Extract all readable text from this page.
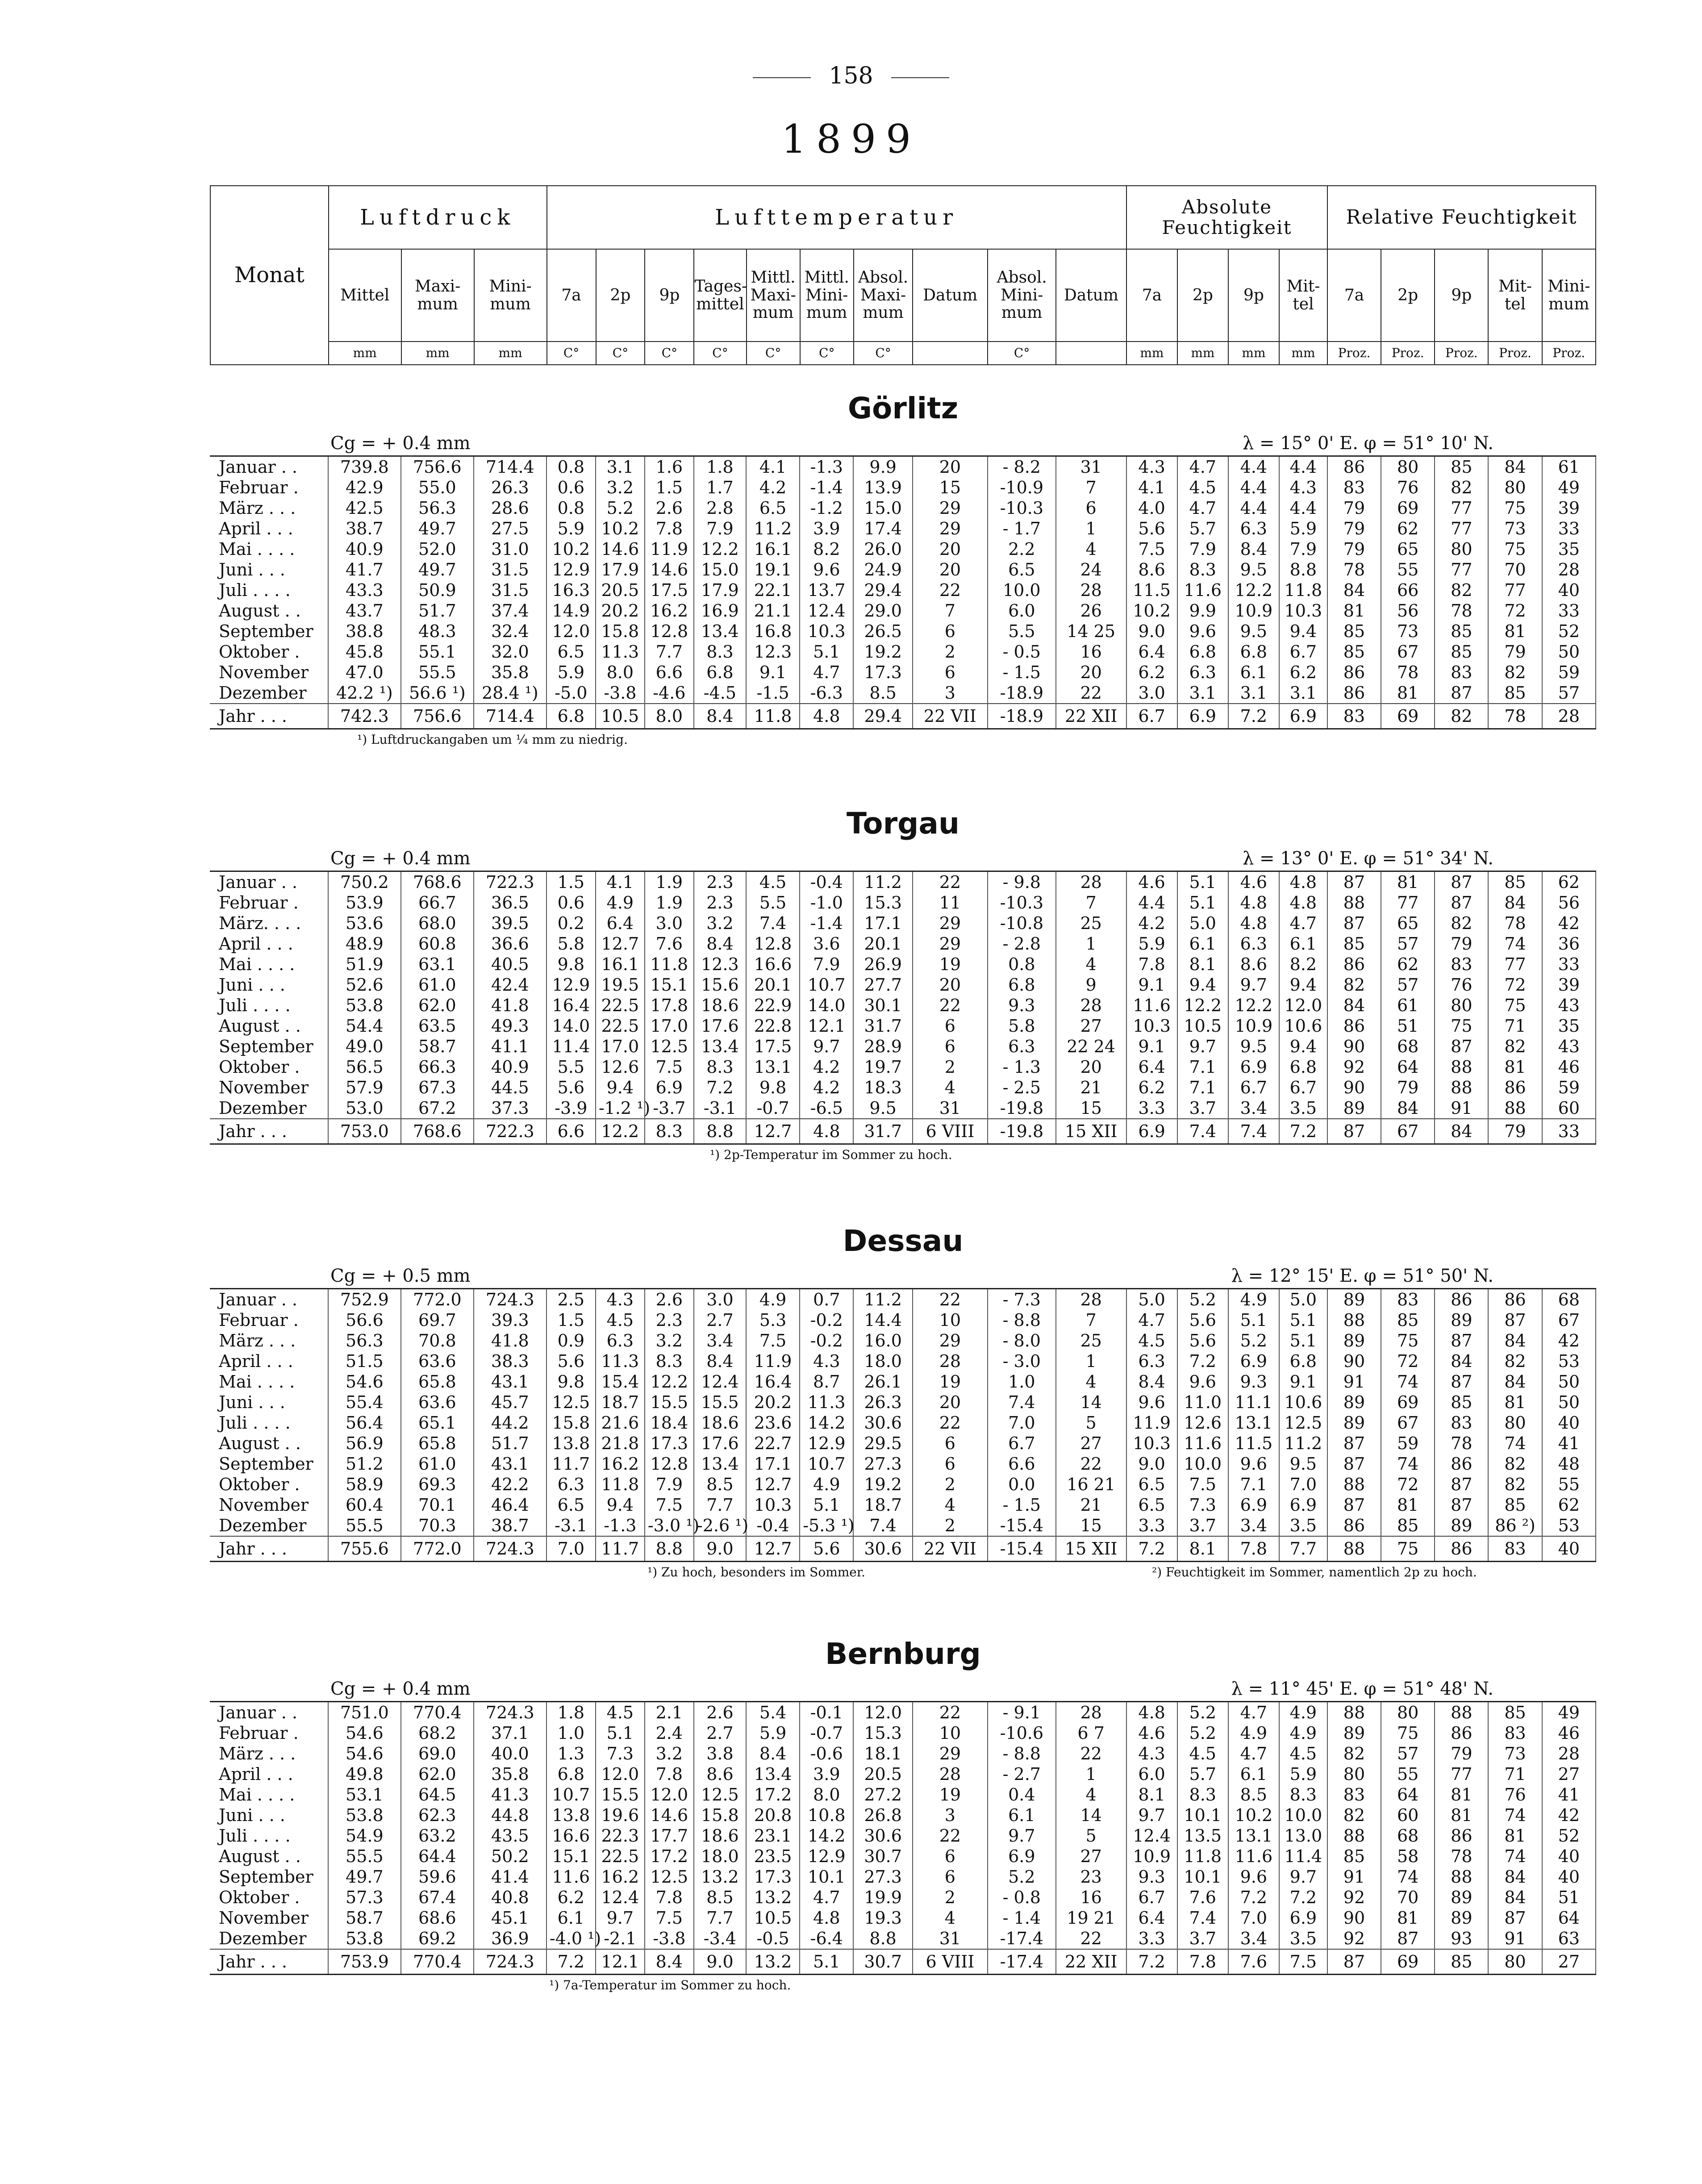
158
1899
Monat	Luftdruck			Lufttemperatur										Absolute Feuchtigkeit				Relative Feuchtigkeit				
	Mittel	Maxi-mum	Mini-mum	7a	2p	9p	Tages-mittel	Mittl. Maxi-mum	Mittl. Mini-mum	Absol. Maxi-mum	Datum	Absol. Mini-mum	Datum	7a	2p	9p	Mit-tel	7a	2p	9p	Mit-tel	Mini-mum
	mm	mm	mm	C°	C°	C°	C°	C°	C°	C°		C°		mm	mm	mm	mm	Proz.	Proz.	Proz.	Proz.	Proz.
Görlitz
Cg = + 0.4 mm	λ = 15° 0' E. φ = 51° 10' N.
Januar . .	739.8	756.6	714.4	0.8	3.1	1.6	1.8	4.1	-1.3	9.9	20	- 8.2	31	4.3	4.7	4.4	4.4	86	80	85	84	61
Februar .	42.9	55.0	26.3	0.6	3.2	1.5	1.7	4.2	-1.4	13.9	15	-10.9	7	4.1	4.5	4.4	4.3	83	76	82	80	49
März . . .	42.5	56.3	28.6	0.8	5.2	2.6	2.8	6.5	-1.2	15.0	29	-10.3	6	4.0	4.7	4.4	4.4	79	69	77	75	39
April . . .	38.7	49.7	27.5	5.9	10.2	7.8	7.9	11.2	3.9	17.4	29	- 1.7	1	5.6	5.7	6.3	5.9	79	62	77	73	33
Mai . . . .	40.9	52.0	31.0	10.2	14.6	11.9	12.2	16.1	8.2	26.0	20	2.2	4	7.5	7.9	8.4	7.9	79	65	80	75	35
Juni . . .	41.7	49.7	31.5	12.9	17.9	14.6	15.0	19.1	9.6	24.9	20	6.5	24	8.6	8.3	9.5	8.8	78	55	77	70	28
Juli . . . .	43.3	50.9	31.5	16.3	20.5	17.5	17.9	22.1	13.7	29.4	22	10.0	28	11.5	11.6	12.2	11.8	84	66	82	77	40
August . .	43.7	51.7	37.4	14.9	20.2	16.2	16.9	21.1	12.4	29.0	7	6.0	26	10.2	9.9	10.9	10.3	81	56	78	72	33
September	38.8	48.3	32.4	12.0	15.8	12.8	13.4	16.8	10.3	26.5	6	5.5	14 25	9.0	9.6	9.5	9.4	85	73	85	81	52
Oktober .	45.8	55.1	32.0	6.5	11.3	7.7	8.3	12.3	5.1	19.2	2	- 0.5	16	6.4	6.8	6.8	6.7	85	67	85	79	50
November	47.0	55.5	35.8	5.9	8.0	6.6	6.8	9.1	4.7	17.3	6	- 1.5	20	6.2	6.3	6.1	6.2	86	78	83	82	59
Dezember	42.2 ¹)	56.6 ¹)	28.4 ¹)	-5.0	-3.8	-4.6	-4.5	-1.5	-6.3	8.5	3	-18.9	22	3.0	3.1	3.1	3.1	86	81	87	85	57
Jahr . . .	742.3	756.6	714.4	6.8	10.5	8.0	8.4	11.8	4.8	29.4	22 VII	-18.9	22 XII	6.7	6.9	7.2	6.9	83	69	82	78	28
¹) Luftdruckangaben um ¼ mm zu niedrig.
Torgau
Cg = + 0.4 mm	λ = 13° 0' E. φ = 51° 34' N.
Januar . .	750.2	768.6	722.3	1.5	4.1	1.9	2.3	4.5	-0.4	11.2	22	- 9.8	28	4.6	5.1	4.6	4.8	87	81	87	85	62
Februar .	53.9	66.7	36.5	0.6	4.9	1.9	2.3	5.5	-1.0	15.3	11	-10.3	7	4.4	5.1	4.8	4.8	88	77	87	84	56
März. . . .	53.6	68.0	39.5	0.2	6.4	3.0	3.2	7.4	-1.4	17.1	29	-10.8	25	4.2	5.0	4.8	4.7	87	65	82	78	42
April . . .	48.9	60.8	36.6	5.8	12.7	7.6	8.4	12.8	3.6	20.1	29	- 2.8	1	5.9	6.1	6.3	6.1	85	57	79	74	36
Mai . . . .	51.9	63.1	40.5	9.8	16.1	11.8	12.3	16.6	7.9	26.9	19	0.8	4	7.8	8.1	8.6	8.2	86	62	83	77	33
Juni . . .	52.6	61.0	42.4	12.9	19.5	15.1	15.6	20.1	10.7	27.7	20	6.8	9	9.1	9.4	9.7	9.4	82	57	76	72	39
Juli . . . .	53.8	62.0	41.8	16.4	22.5	17.8	18.6	22.9	14.0	30.1	22	9.3	28	11.6	12.2	12.2	12.0	84	61	80	75	43
August . .	54.4	63.5	49.3	14.0	22.5	17.0	17.6	22.8	12.1	31.7	6	5.8	27	10.3	10.5	10.9	10.6	86	51	75	71	35
September	49.0	58.7	41.1	11.4	17.0	12.5	13.4	17.5	9.7	28.9	6	6.3	22 24	9.1	9.7	9.5	9.4	90	68	87	82	43
Oktober .	56.5	66.3	40.9	5.5	12.6	7.5	8.3	13.1	4.2	19.7	2	- 1.3	20	6.4	7.1	6.9	6.8	92	64	88	81	46
November	57.9	67.3	44.5	5.6	9.4	6.9	7.2	9.8	4.2	18.3	4	- 2.5	21	6.2	7.1	6.7	6.7	90	79	88	86	59
Dezember	53.0	67.2	37.3	-3.9	-1.2 ¹)	-3.7	-3.1	-0.7	-6.5	9.5	31	-19.8	15	3.3	3.7	3.4	3.5	89	84	91	88	60
Jahr . . .	753.0	768.6	722.3	6.6	12.2	8.3	8.8	12.7	4.8	31.7	6 VIII	-19.8	15 XII	6.9	7.4	7.4	7.2	87	67	84	79	33
¹) 2p-Temperatur im Sommer zu hoch.
Dessau
Cg = + 0.5 mm	λ = 12° 15' E. φ = 51° 50' N.
Januar . .	752.9	772.0	724.3	2.5	4.3	2.6	3.0	4.9	0.7	11.2	22	- 7.3	28	5.0	5.2	4.9	5.0	89	83	86	86	68
Februar .	56.6	69.7	39.3	1.5	4.5	2.3	2.7	5.3	-0.2	14.4	10	- 8.8	7	4.7	5.6	5.1	5.1	88	85	89	87	67
März . . .	56.3	70.8	41.8	0.9	6.3	3.2	3.4	7.5	-0.2	16.0	29	- 8.0	25	4.5	5.6	5.2	5.1	89	75	87	84	42
April . . .	51.5	63.6	38.3	5.6	11.3	8.3	8.4	11.9	4.3	18.0	28	- 3.0	1	6.3	7.2	6.9	6.8	90	72	84	82	53
Mai . . . .	54.6	65.8	43.1	9.8	15.4	12.2	12.4	16.4	8.7	26.1	19	1.0	4	8.4	9.6	9.3	9.1	91	74	87	84	50
Juni . . .	55.4	63.6	45.7	12.5	18.7	15.5	15.5	20.2	11.3	26.3	20	7.4	14	9.6	11.0	11.1	10.6	89	69	85	81	50
Juli . . . .	56.4	65.1	44.2	15.8	21.6	18.4	18.6	23.6	14.2	30.6	22	7.0	5	11.9	12.6	13.1	12.5	89	67	83	80	40
August . .	56.9	65.8	51.7	13.8	21.8	17.3	17.6	22.7	12.9	29.5	6	6.7	27	10.3	11.6	11.5	11.2	87	59	78	74	41
September	51.2	61.0	43.1	11.7	16.2	12.8	13.4	17.1	10.7	27.3	6	6.6	22	9.0	10.0	9.6	9.5	87	74	86	82	48
Oktober .	58.9	69.3	42.2	6.3	11.8	7.9	8.5	12.7	4.9	19.2	2	0.0	16 21	6.5	7.5	7.1	7.0	88	72	87	82	55
November	60.4	70.1	46.4	6.5	9.4	7.5	7.7	10.3	5.1	18.7	4	- 1.5	21	6.5	7.3	6.9	6.9	87	81	87	85	62
Dezember	55.5	70.3	38.7	-3.1	-1.3	-3.0 ¹)	-2.6 ¹)	-0.4	-5.3 ¹)	7.4	2	-15.4	15	3.3	3.7	3.4	3.5	86	85	89	86 ²)	53
Jahr . . .	755.6	772.0	724.3	7.0	11.7	8.8	9.0	12.7	5.6	30.6	22 VII	-15.4	15 XII	7.2	8.1	7.8	7.7	88	75	86	83	40
¹) Zu hoch, besonders im Sommer.	²) Feuchtigkeit im Sommer, namentlich 2p zu hoch.
Bernburg
Cg = + 0.4 mm	λ = 11° 45' E. φ = 51° 48' N.
Januar . .	751.0	770.4	724.3	1.8	4.5	2.1	2.6	5.4	-0.1	12.0	22	- 9.1	28	4.8	5.2	4.7	4.9	88	80	88	85	49
Februar .	54.6	68.2	37.1	1.0	5.1	2.4	2.7	5.9	-0.7	15.3	10	-10.6	6 7	4.6	5.2	4.9	4.9	89	75	86	83	46
März . . .	54.6	69.0	40.0	1.3	7.3	3.2	3.8	8.4	-0.6	18.1	29	- 8.8	22	4.3	4.5	4.7	4.5	82	57	79	73	28
April . . .	49.8	62.0	35.8	6.8	12.0	7.8	8.6	13.4	3.9	20.5	28	- 2.7	1	6.0	5.7	6.1	5.9	80	55	77	71	27
Mai . . . .	53.1	64.5	41.3	10.7	15.5	12.0	12.5	17.2	8.0	27.2	19	0.4	4	8.1	8.3	8.5	8.3	83	64	81	76	41
Juni . . .	53.8	62.3	44.8	13.8	19.6	14.6	15.8	20.8	10.8	26.8	3	6.1	14	9.7	10.1	10.2	10.0	82	60	81	74	42
Juli . . . .	54.9	63.2	43.5	16.6	22.3	17.7	18.6	23.1	14.2	30.6	22	9.7	5	12.4	13.5	13.1	13.0	88	68	86	81	52
August . .	55.5	64.4	50.2	15.1	22.5	17.2	18.0	23.5	12.9	30.7	6	6.9	27	10.9	11.8	11.6	11.4	85	58	78	74	40
September	49.7	59.6	41.4	11.6	16.2	12.5	13.2	17.3	10.1	27.3	6	5.2	23	9.3	10.1	9.6	9.7	91	74	88	84	40
Oktober .	57.3	67.4	40.8	6.2	12.4	7.8	8.5	13.2	4.7	19.9	2	- 0.8	16	6.7	7.6	7.2	7.2	92	70	89	84	51
November	58.7	68.6	45.1	6.1	9.7	7.5	7.7	10.5	4.8	19.3	4	- 1.4	19 21	6.4	7.4	7.0	6.9	90	81	89	87	64
Dezember	53.8	69.2	36.9	-4.0 ¹)	-2.1	-3.8	-3.4	-0.5	-6.4	8.8	31	-17.4	22	3.3	3.7	3.4	3.5	92	87	93	91	63
Jahr . . .	753.9	770.4	724.3	7.2	12.1	8.4	9.0	13.2	5.1	30.7	6 VIII	-17.4	22 XII	7.2	7.8	7.6	7.5	87	69	85	80	27
¹) 7a-Temperatur im Sommer zu hoch.
